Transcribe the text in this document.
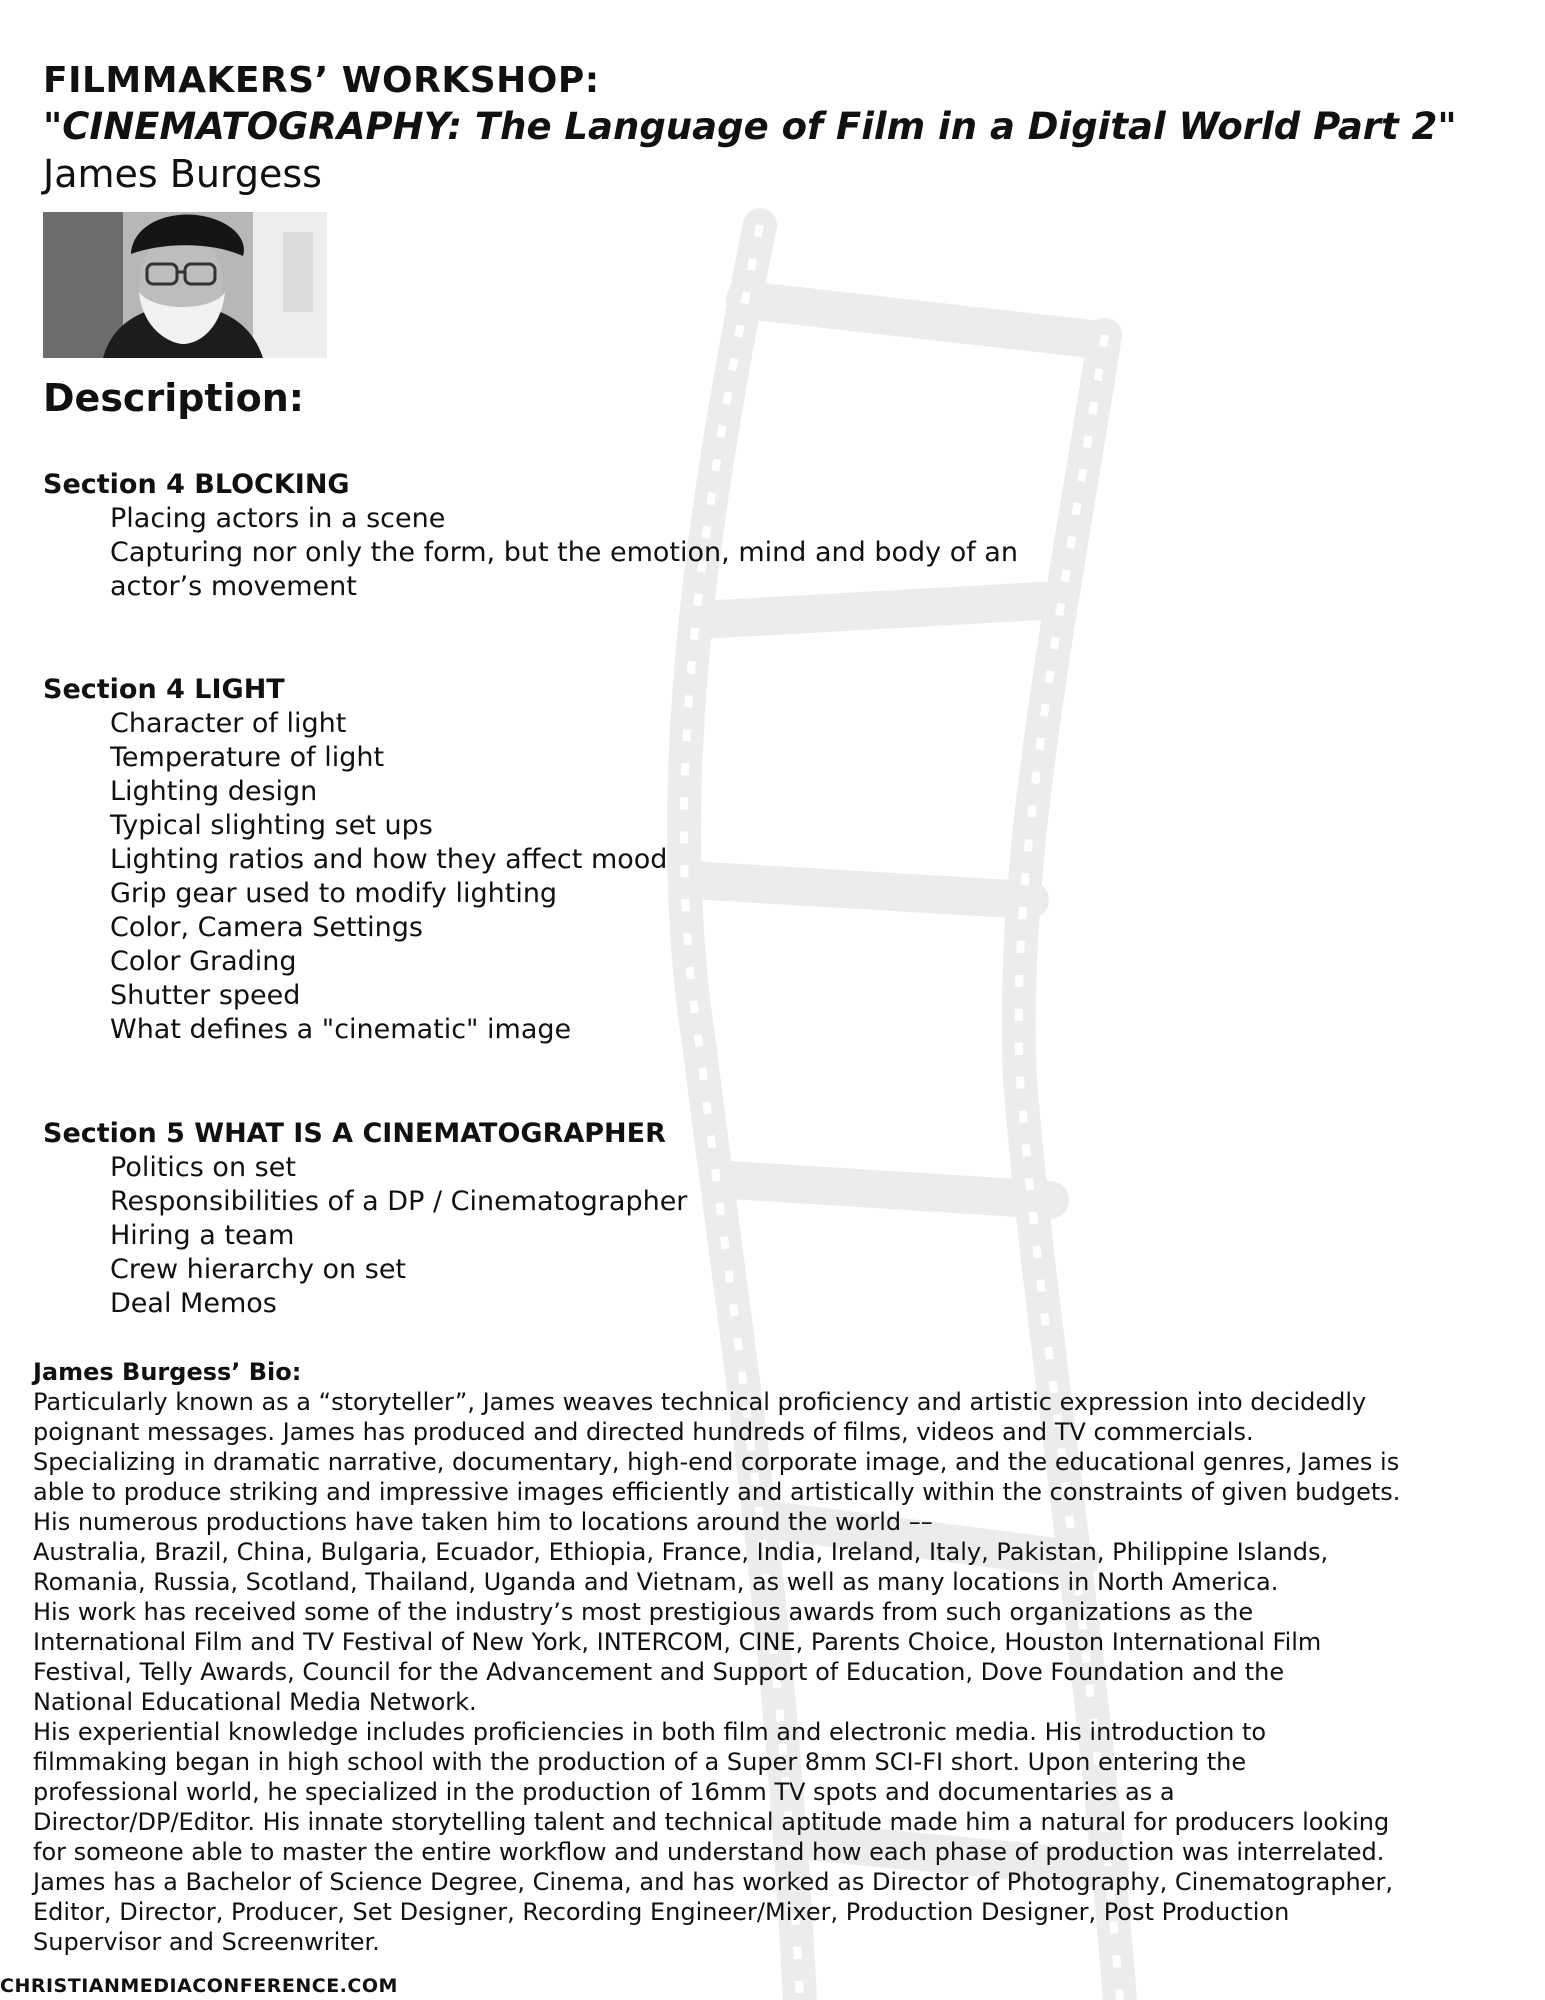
FILMMAKERS’ WORKSHOP:
"CINEMATOGRAPHY: The Language of Film in a Digital World Part 2"
James Burgess
Description:
Section 4 BLOCKING
Placing actors in a scene
Capturing nor only the form, but the emotion, mind and body of an
actor’s movement
Section 4 LIGHT
Character of light
Temperature of light
Lighting design
Typical slighting set ups
Lighting ratios and how they affect mood
Grip gear used to modify lighting
Color, Camera Settings
Color Grading
Shutter speed
What defines a "cinematic" image
Section 5 WHAT IS A CINEMATOGRAPHER
Politics on set
Responsibilities of a DP / Cinematographer
Hiring a team
Crew hierarchy on set
Deal Memos
James Burgess’ Bio:

Particularly known as a “storyteller”, James weaves technical proficiency and artistic expression into decidedly

poignant messages. James has produced and directed hundreds of films, videos and TV commercials.

Specializing in dramatic narrative, documentary, high-end corporate image, and the educational genres, James is

able to produce striking and impressive images efficiently and artistically within the constraints of given budgets.

His numerous productions have taken him to locations around the world ––

Australia, Brazil, China, Bulgaria, Ecuador, Ethiopia, France, India, Ireland, Italy, Pakistan, Philippine Islands,

Romania, Russia, Scotland, Thailand, Uganda and Vietnam, as well as many locations in North America.

His work has received some of the industry’s most prestigious awards from such organizations as the

International Film and TV Festival of New York, INTERCOM, CINE, Parents Choice, Houston International Film

Festival, Telly Awards, Council for the Advancement and Support of Education, Dove Foundation and the

National Educational Media Network.

His experiential knowledge includes proficiencies in both film and electronic media. His introduction to

filmmaking began in high school with the production of a Super 8mm SCI-FI short. Upon entering the

professional world, he specialized in the production of 16mm TV spots and documentaries as a

Director/DP/Editor. His innate storytelling talent and technical aptitude made him a natural for producers looking

for someone able to master the entire workflow and understand how each phase of production was interrelated.

James has a Bachelor of Science Degree, Cinema, and has worked as Director of Photography, Cinematographer,

Editor, Director, Producer, Set Designer, Recording Engineer/Mixer, Production Designer, Post Production

Supervisor and Screenwriter.

CHRISTIANMEDIACONFERENCE.COM
